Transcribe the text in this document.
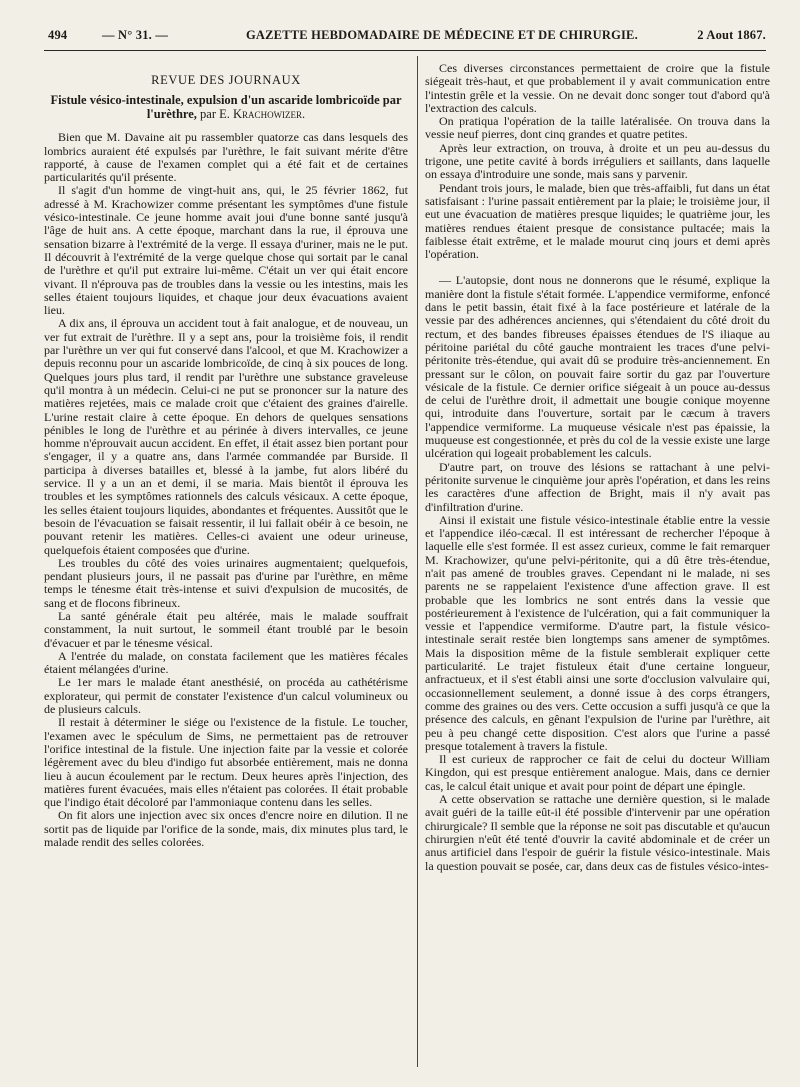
494	— N° 31. —	GAZETTE HEBDOMADAIRE DE MÉDECINE ET DE CHIRURGIE.	2 Aout 1867.
REVUE DES JOURNAUX
Fistule vésico-intestinale, expulsion d'un ascaride lombricoïde par l'urèthre, par E. Krachowizer.

Bien que M. Davaine ait pu rassembler quatorze cas dans lesquels des lombrics auraient été expulsés par l'urèthre, le fait suivant mérite d'être rapporté, à cause de l'examen complet qui a été fait et de certaines particularités qu'il présente.

Il s'agit d'un homme de vingt-huit ans, qui, le 25 février 1862, fut adressé à M. Krachowizer comme présentant les symptômes d'une fistule vésico-intestinale. Ce jeune homme avait joui d'une bonne santé jusqu'à l'âge de huit ans. A cette époque, marchant dans la rue, il éprouva une sensation bizarre à l'extrémité de la verge. Il essaya d'uriner, mais ne le put. Il découvrit à l'extrémité de la verge quelque chose qui sortait par le canal de l'urèthre et qu'il put extraire lui-même. C'était un ver qui était encore vivant. Il n'éprouva pas de troubles dans la vessie ou les intestins, mais les selles étaient toujours liquides, et chaque jour deux évacuations avaient lieu.

A dix ans, il éprouva un accident tout à fait analogue, et de nouveau, un ver fut extrait de l'urèthre. Il y a sept ans, pour la troisième fois, il rendit par l'urèthre un ver qui fut conservé dans l'alcool, et que M. Krachowizer a depuis reconnu pour un ascaride lombricoïde, de cinq à six pouces de long. Quelques jours plus tard, il rendit par l'urèthre une substance graveleuse qu'il montra à un médecin. Celui-ci ne put se prononcer sur la nature des matières rejetées, mais ce malade croit que c'étaient des graines d'airelle. L'urine restait claire à cette époque. En dehors de quelques sensations pénibles le long de l'urèthre et au périnée à divers intervalles, ce jeune homme n'éprouvait aucun accident. En effet, il était assez bien portant pour s'engager, il y a quatre ans, dans l'armée commandée par Burside. Il participa à diverses batailles et, blessé à la jambe, fut alors libéré du service. Il y a un an et demi, il se maria. Mais bientôt il éprouva les troubles et les symptômes rationnels des calculs vésicaux. A cette époque, les selles étaient toujours liquides, abondantes et fréquentes. Aussitôt que le besoin de l'évacuation se faisait ressentir, il lui fallait obéir à ce besoin, ne pouvant retenir les matières. Celles-ci avaient une odeur urineuse, quelquefois étaient composées que d'urine.

Les troubles du côté des voies urinaires augmentaient; quelquefois, pendant plusieurs jours, il ne passait pas d'urine par l'urèthre, en même temps le ténesme était très-intense et suivi d'expulsion de mucosités, de sang et de flocons fibrineux.

La santé générale était peu altérée, mais le malade souffrait constamment, la nuit surtout, le sommeil étant troublé par le besoin d'évacuer et par le ténesme vésical.

A l'entrée du malade, on constata facilement que les matières fécales étaient mélangées d'urine.

Le 1er mars le malade étant anesthésié, on procéda au cathétérisme explorateur, qui permit de constater l'existence d'un calcul volumineux ou de plusieurs calculs.

Il restait à déterminer le siége ou l'existence de la fistule. Le toucher, l'examen avec le spéculum de Sims, ne permettaient pas de retrouver l'orifice intestinal de la fistule. Une injection faite par la vessie et colorée légèrement avec du bleu d'indigo fut absorbée entièrement, mais ne donna lieu à aucun écoulement par le rectum. Deux heures après l'injection, des matières furent évacuées, mais elles n'étaient pas colorées. Il était probable que l'indigo était décoloré par l'ammoniaque contenu dans les selles.

On fit alors une injection avec six onces d'encre noire en dilution. Il ne sortit pas de liquide par l'orifice de la sonde, mais, dix minutes plus tard, le malade rendit des selles colorées.

Ces diverses circonstances permettaient de croire que la fistule siégeait très-haut, et que probablement il y avait communication entre l'intestin grêle et la vessie. On ne devait donc songer tout d'abord qu'à l'extraction des calculs.

On pratiqua l'opération de la taille latéralisée. On trouva dans la vessie neuf pierres, dont cinq grandes et quatre petites.

Après leur extraction, on trouva, à droite et un peu au-dessus du trigone, une petite cavité à bords irréguliers et saillants, dans laquelle on essaya d'introduire une sonde, mais sans y parvenir.

Pendant trois jours, le malade, bien que très-affaibli, fut dans un état satisfaisant : l'urine passait entièrement par la plaie; le troisième jour, il eut une évacuation de matières presque liquides; le quatrième jour, les matières rendues étaient presque de consistance pultacée; mais la faiblesse était extrême, et le malade mourut cinq jours et demi après l'opération.

— L'autopsie, dont nous ne donnerons que le résumé, explique la manière dont la fistule s'était formée. L'appendice vermiforme, enfoncé dans le petit bassin, était fixé à la face postérieure et latérale de la vessie par des adhérences anciennes, qui s'étendaient du côté droit du rectum, et des bandes fibreuses épaisses étendues de l'S iliaque au péritoine pariétal du côté gauche montraient les traces d'une pelvi-péritonite très-étendue, qui avait dû se produire très-anciennement. En pressant sur le côlon, on pouvait faire sortir du gaz par l'ouverture vésicale de la fistule. Ce dernier orifice siégeait à un pouce au-dessus de celui de l'urèthre droit, il admettait une bougie conique moyenne qui, introduite dans l'ouverture, sortait par le cæcum à travers l'appendice vermiforme. La muqueuse vésicale n'est pas épaissie, la muqueuse est congestionnée, et près du col de la vessie existe une large ulcération qui logeait probablement les calculs.

D'autre part, on trouve des lésions se rattachant à une pelvi-péritonite survenue le cinquième jour après l'opération, et dans les reins les caractères d'une affection de Bright, mais il n'y avait pas d'infiltration d'urine.

Ainsi il existait une fistule vésico-intestinale établie entre la vessie et l'appendice iléo-cæcal. Il est intéressant de rechercher l'époque à laquelle elle s'est formée. Il est assez curieux, comme le fait remarquer M. Krachowizer, qu'une pelvi-péritonite, qui a dû être très-étendue, n'ait pas amené de troubles graves. Cependant ni le malade, ni ses parents ne se rappelaient l'existence d'une affection grave. Il est probable que les lombrics ne sont entrés dans la vessie que postérieurement à l'existence de l'ulcération, qui a fait communiquer la vessie et l'appendice vermiforme. D'autre part, la fistule vésico-intestinale serait restée bien longtemps sans amener de symptômes. Mais la disposition même de la fistule semblerait expliquer cette particularité. Le trajet fistuleux était d'une certaine longueur, anfractueux, et il s'est établi ainsi une sorte d'occlusion valvulaire qui, occasionnellement seulement, a donné issue à des corps étrangers, comme des graines ou des vers. Cette occusion a suffi jusqu'à ce que la présence des calculs, en gênant l'expulsion de l'urine par l'urèthre, ait peu à peu changé cette disposition. C'est alors que l'urine a passé presque totalement à travers la fistule.

Il est curieux de rapprocher ce fait de celui du docteur William Kingdon, qui est presque entièrement analogue. Mais, dans ce dernier cas, le calcul était unique et avait pour point de départ une épingle.

A cette observation se rattache une dernière question, si le malade avait guéri de la taille eût-il été possible d'intervenir par une opération chirurgicale? Il semble que la réponse ne soit pas discutable et qu'aucun chirurgien n'eût été tenté d'ouvrir la cavité abdominale et de créer un anus artificiel dans l'espoir de guérir la fistule vésico-intestinale. Mais la question pouvait se posée, car, dans deux cas de fistules vésico-intes-
